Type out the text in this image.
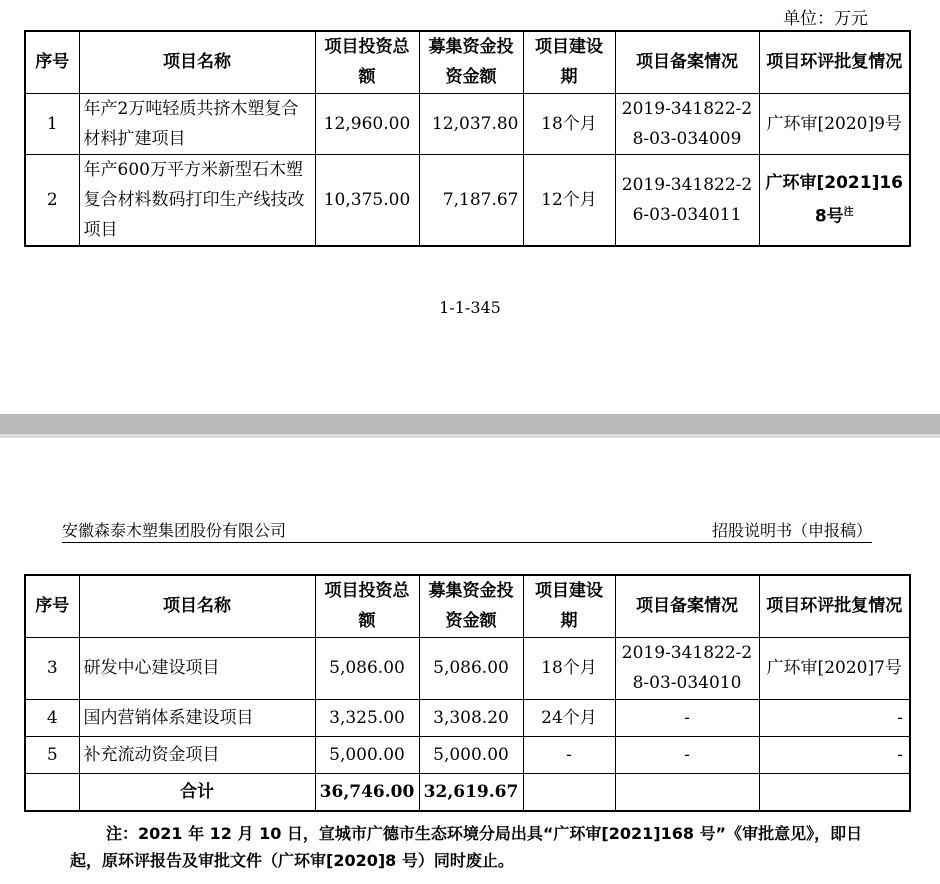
单位：万元
序号	项目名称	项目投资总额	募集资金投资金额	项目建设期	项目备案情况	项目环评批复情况
1	年产2万吨轻质共挤木塑复合材料扩建项目	12,960.00	12,037.80	18个月	2019-341822-28-03-034009	广环审[2020]9号
2	年产600万平方米新型石木塑复合材料数码打印生产线技改项目	10,375.00	7,187.67	12个月	2019-341822-26-03-034011	广环审[2021]168号$^注$
1-1-345
安徽森泰木塑集团股份有限公司	招股说明书（申报稿）
序号	项目名称	项目投资总额	募集资金投资金额	项目建设期	项目备案情况	项目环评批复情况
3	研发中心建设项目	5,086.00	5,086.00	18个月	2019-341822-28-03-034010	广环审[2020]7号
4	国内营销体系建设项目	3,325.00	3,308.20	24个月	-	-
5	补充流动资金项目	5,000.00	5,000.00	-	-	-
	合计	36,746.00	32,619.67			
注：2021 年 12 月 10 日，宣城市广德市生态环境分局出具“广环审[2021]168 号”《审批意见》，即日起，原环评报告及审批文件（广环审[2020]8 号）同时废止。
